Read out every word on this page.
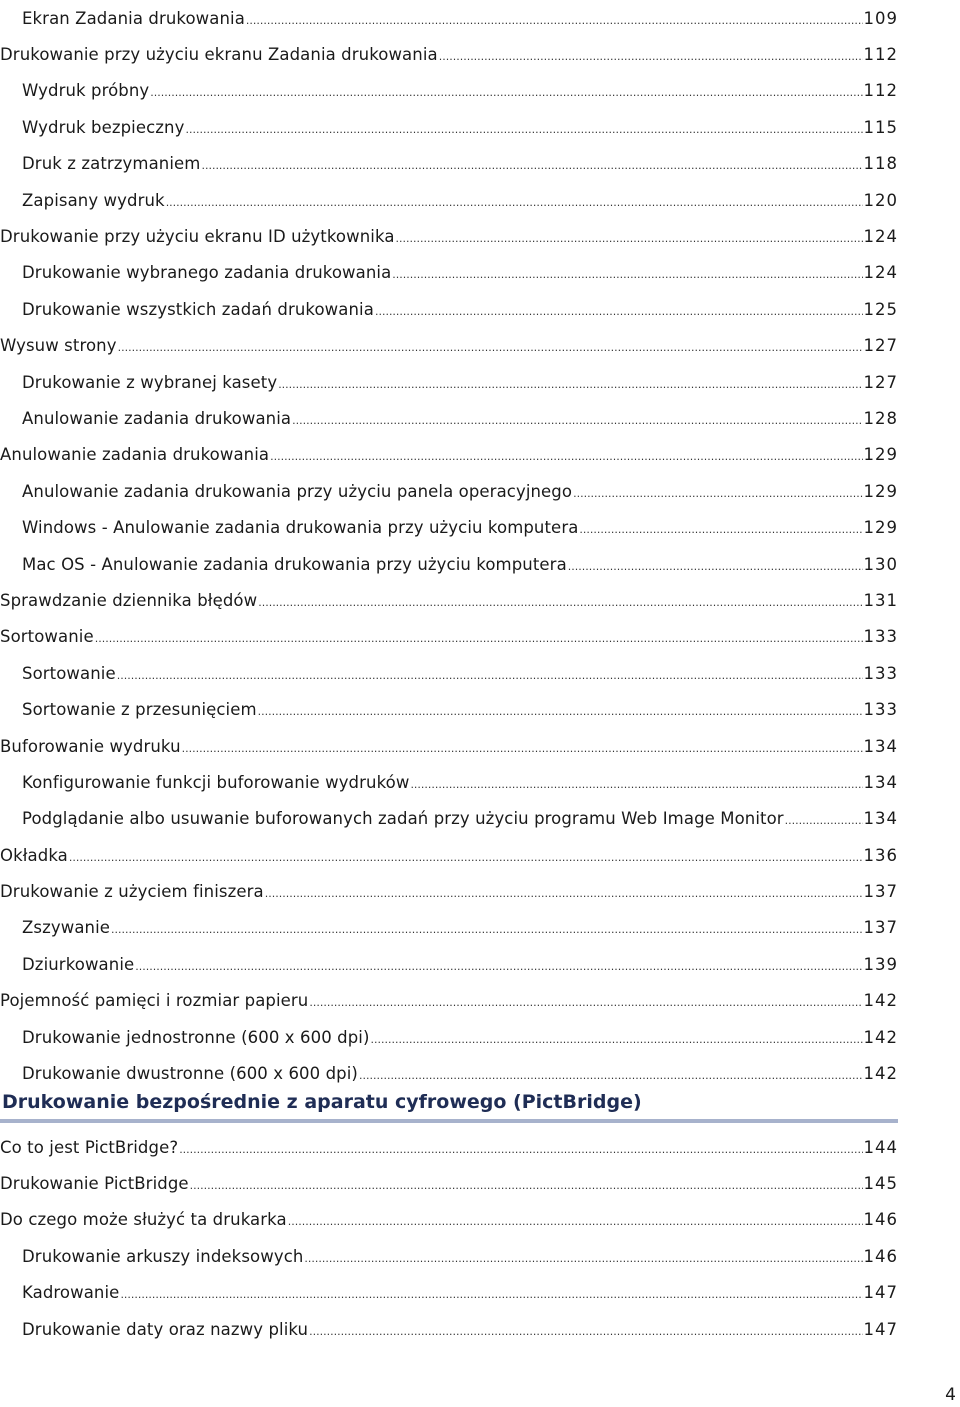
Ekran Zadania drukowania .....	109
Drukowanie przy użyciu ekranu Zadania drukowania .....	112
Wydruk próbny .....	112
Wydruk bezpieczny .....	115
Druk z zatrzymaniem .....	118
Zapisany wydruk .....	120
Drukowanie przy użyciu ekranu ID użytkownika .....	124
Drukowanie wybranego zadania drukowania .....	124
Drukowanie wszystkich zadań drukowania .....	125
Wysuw strony .....	127
Drukowanie z wybranej kasety .....	127
Anulowanie zadania drukowania .....	128
Anulowanie zadania drukowania .....	129
Anulowanie zadania drukowania przy użyciu panela operacyjnego .....	129
Windows - Anulowanie zadania drukowania przy użyciu komputera .....	129
Mac OS - Anulowanie zadania drukowania przy użyciu komputera .....	130
Sprawdzanie dziennika błędów .....	131
Sortowanie .....	133
Sortowanie .....	133
Sortowanie z przesunięciem .....	133
Buforowanie wydruku .....	134
Konfigurowanie funkcji buforowanie wydruków .....	134
Podglądanie albo usuwanie buforowanych zadań przy użyciu programu Web Image Monitor .....	134
Okładka .....	136
Drukowanie z użyciem finiszera .....	137
Zszywanie .....	137
Dziurkowanie .....	139
Pojemność pamięci i rozmiar papieru .....	142
Drukowanie jednostronne (600 x 600 dpi) .....	142
Drukowanie dwustronne (600 x 600 dpi) .....	142
Drukowanie bezpośrednie z aparatu cyfrowego (PictBridge)
Co to jest PictBridge? .....	144
Drukowanie PictBridge .....	145
Do czego może służyć ta drukarka .....	146
Drukowanie arkuszy indeksowych .....	146
Kadrowanie .....	147
Drukowanie daty oraz nazwy pliku .....	147
4
